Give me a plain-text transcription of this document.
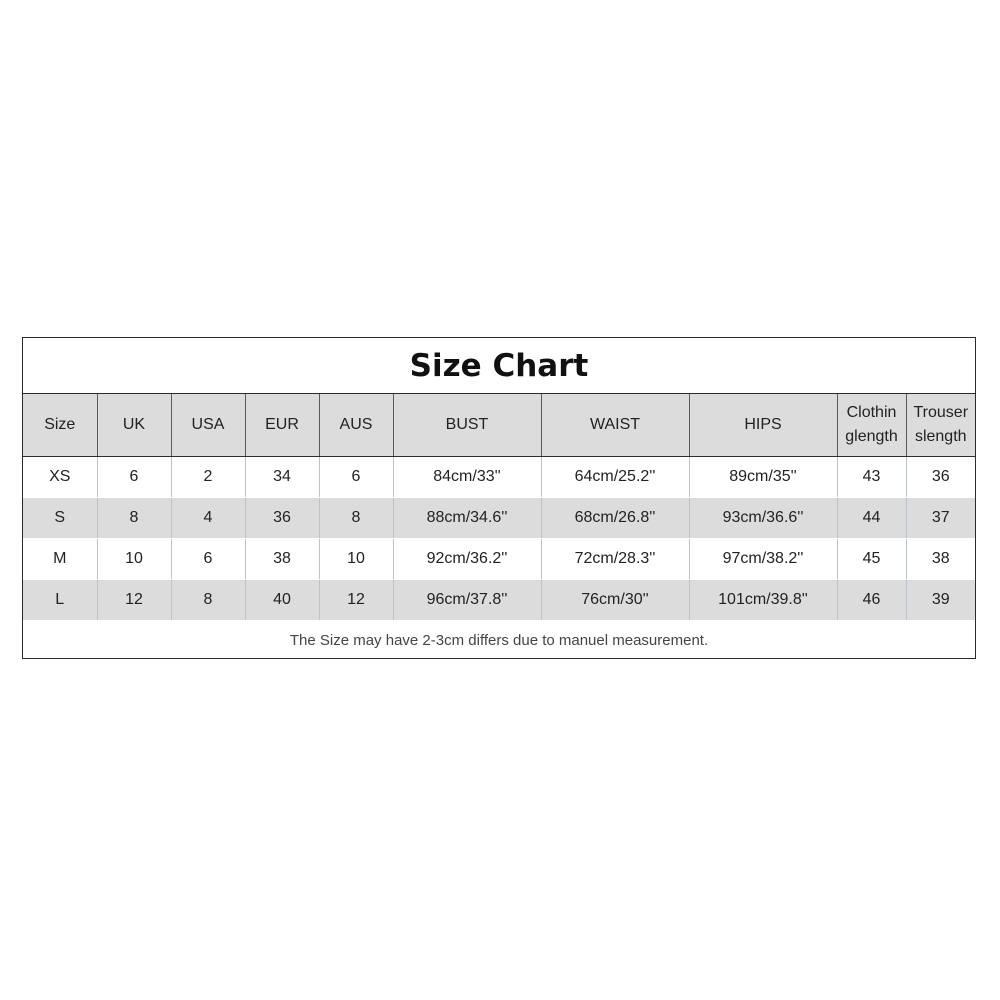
Size Chart
Size	UK	USA	EUR	AUS	BUST	WAIST	HIPS	Clothin glength	Trouser slength
XS	6	2	34	6	84cm/33''	64cm/25.2''	89cm/35''	43	36
S	8	4	36	8	88cm/34.6''	68cm/26.8''	93cm/36.6''	44	37
M	10	6	38	10	92cm/36.2''	72cm/28.3''	97cm/38.2''	45	38
L	12	8	40	12	96cm/37.8''	76cm/30''	101cm/39.8''	46	39
The Size may have 2-3cm differs due to manuel measurement.
